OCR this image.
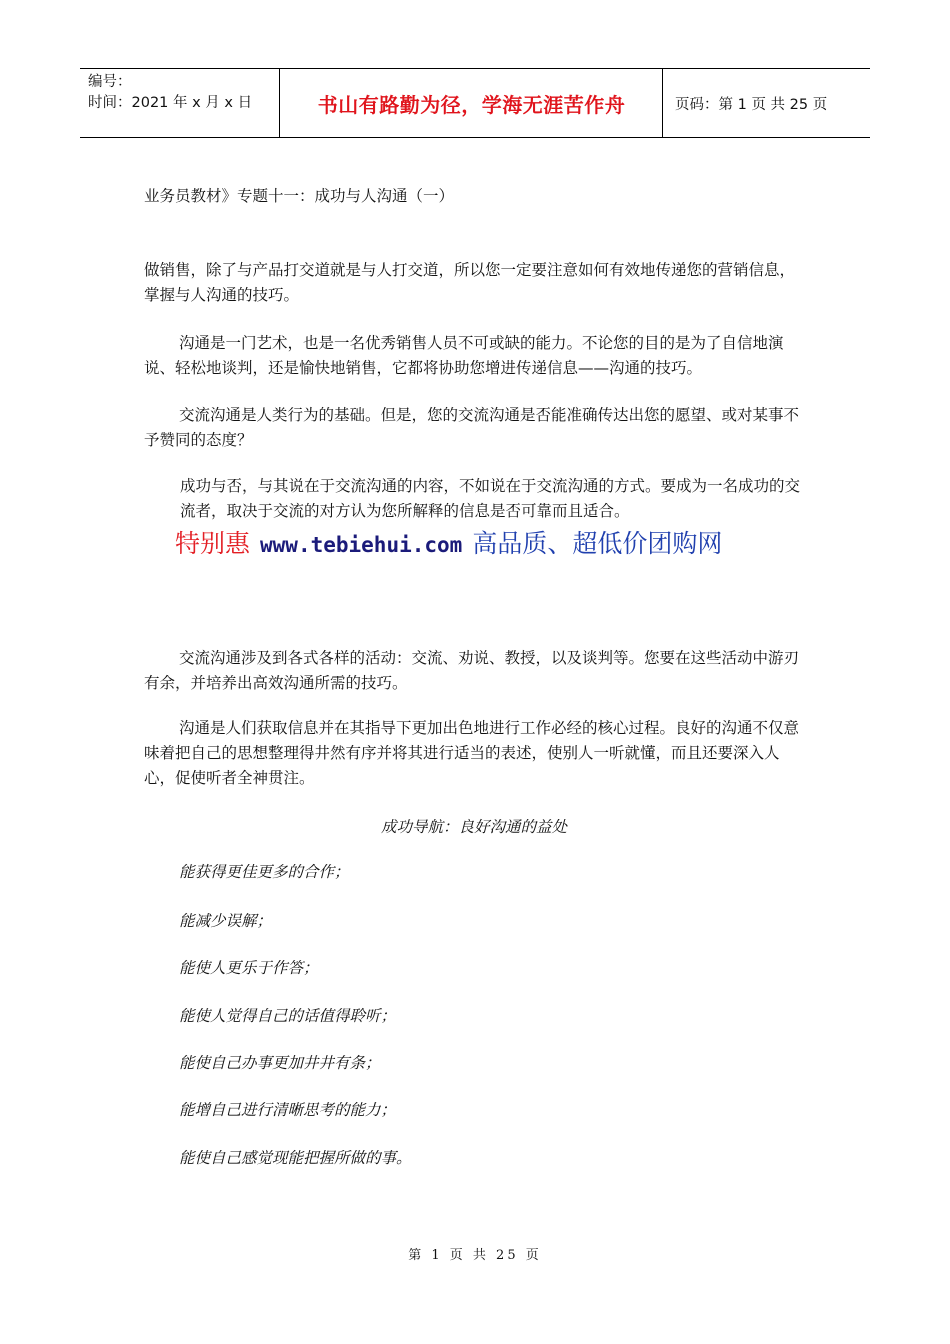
编号：
时间：2021 年 x 月 x 日	书山有路勤为径，学海无涯苦作舟	页码：第 1 页 共 25 页

业务员教材》专题十一：成功与人沟通（一）

做销售，除了与产品打交道就是与人打交道，所以您一定要注意如何有效地传递您的营销信息，掌握与人沟通的技巧。

沟通是一门艺术，也是一名优秀销售人员不可或缺的能力。不论您的目的是为了自信地演说、轻松地谈判，还是愉快地销售，它都将协助您增进传递信息——沟通的技巧。

交流沟通是人类行为的基础。但是，您的交流沟通是否能准确传达出您的愿望、或对某事不予赞同的态度？

成功与否，与其说在于交流沟通的内容，不如说在于交流沟通的方式。要成为一名成功的交流者，取决于交流的对方认为您所解释的信息是否可靠而且适合。

特别惠 www.tebiehui.com 高品质、超低价团购网

交流沟通涉及到各式各样的活动：交流、劝说、教授，以及谈判等。您要在这些活动中游刃有余，并培养出高效沟通所需的技巧。

沟通是人们获取信息并在其指导下更加出色地进行工作必经的核心过程。良好的沟通不仅意味着把自己的思想整理得井然有序并将其进行适当的表述，使别人一听就懂，而且还要深入人心，促使听者全神贯注。

成功导航：良好沟通的益处

能获得更佳更多的合作；

能减少误解；

能使人更乐于作答；

能使人觉得自己的话值得聆听；

能使自己办事更加井井有条；

能增自己进行清晰思考的能力；

能使自己感觉现能把握所做的事。

第 1 页 共 25 页
